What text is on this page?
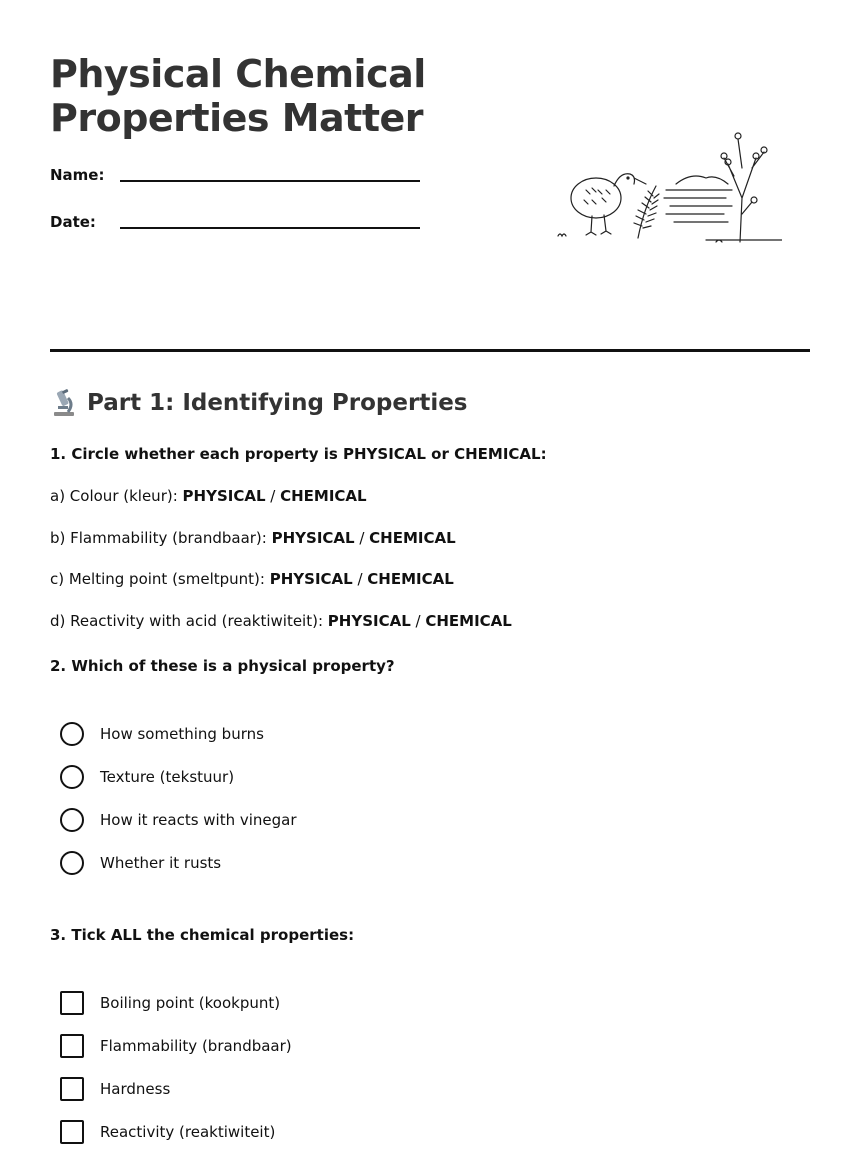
Physical Chemical
Properties Matter
Name:
Date:
Part 1: Identifying Properties

1. Circle whether each property is PHYSICAL or CHEMICAL:

a) Colour (kleur): PHYSICAL / CHEMICAL

b) Flammability (brandbaar): PHYSICAL / CHEMICAL

c) Melting point (smeltpunt): PHYSICAL / CHEMICAL

d) Reactivity with acid (reaktiwiteit): PHYSICAL / CHEMICAL

2. Which of these is a physical property?

How something burns
Texture (tekstuur)
How it reacts with vinegar
Whether it rusts

3. Tick ALL the chemical properties:

Boiling point (kookpunt)
Flammability (brandbaar)
Hardness
Reactivity (reaktiwiteit)
